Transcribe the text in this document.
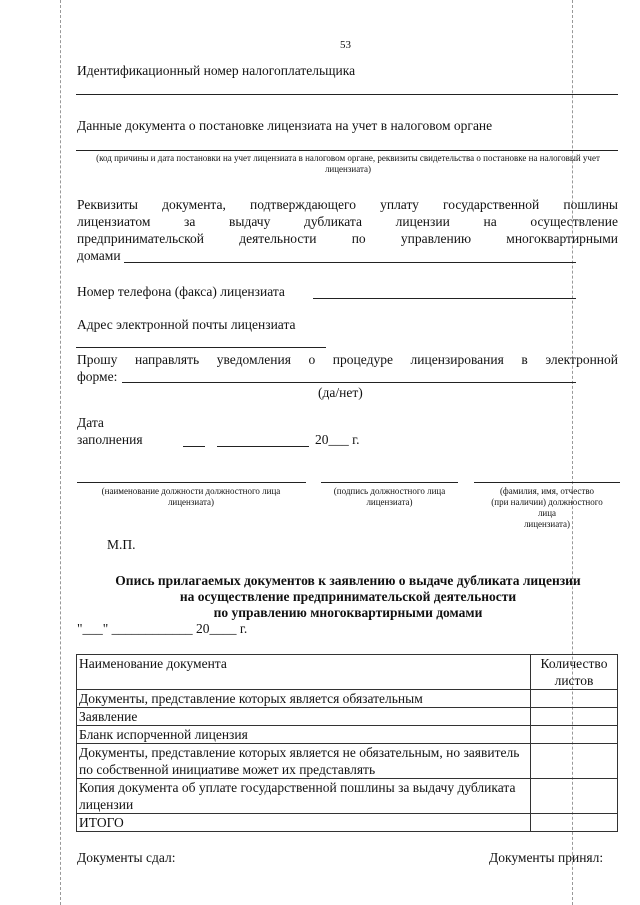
53
Идентификационный номер налогоплательщика
Данные документа о постановке лицензиата на учет в налоговом органе
(код причины и дата постановки на учет лицензиата в налоговом органе, реквизиты свидетельства о постановке на налоговый учет лицензиата)
Реквизиты документа, подтверждающего уплату государственной пошлины
лицензиатом за выдачу дубликата лицензии на осуществление
предпринимательской деятельности по управлению многоквартирными
домами
Номер телефона (факса) лицензиата
Адрес электронной почты лицензиата
Прошу направлять уведомления о процедуре лицензирования в электронной
форме:
(да/нет)
Дата
заполнения	20___ г.
(наименование должности должностного лица лицензиата)
(подпись должностного лица лицензиата)
(фамилия, имя, отчество
(при наличии) должностного
лица
лицензиата)
М.П.
Опись прилагаемых документов к заявлению о выдаче дубликата лицензии
на осуществление предпринимательской деятельности
по управлению многоквартирными домами
"___" ____________ 20____ г.
Наименование документа	Количество
листов

Документы, представление которых является обязательным	
Заявление	
Бланк испорченной лицензия	
Документы, представление которых является не обязательным, но заявитель по собственной инициативе может их представлять	
Копия документа об уплате государственной пошлины за выдачу дубликата лицензии	
ИТОГО	
Документы сдал:	Документы принял:
